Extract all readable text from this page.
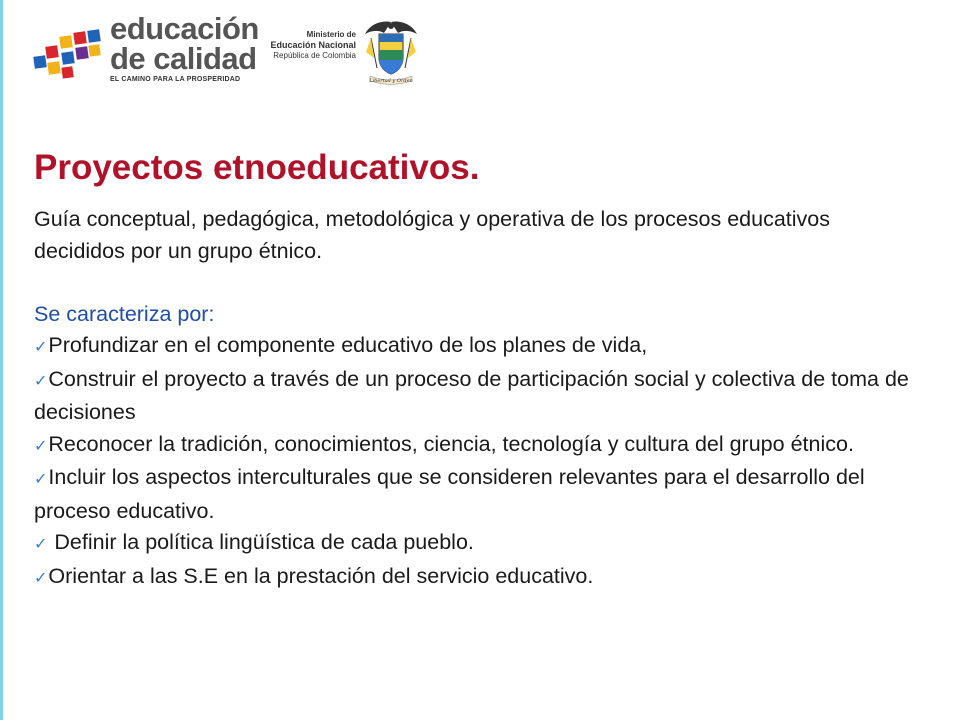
educación
de calidad
EL CAMINO PARA LA PROSPERIDAD
Ministerio de
Educación Nacional
República de Colombia
Libertad y Orden
Proyectos etnoeducativos.

Guía conceptual, pedagógica, metodológica y operativa de los procesos educativos decididos por un grupo étnico.

Se caracteriza por:

✓Profundizar en el componente educativo de los planes de vida,

✓Construir el proyecto a través de un proceso de participación social y colectiva de toma de decisiones

✓Reconocer la tradición, conocimientos, ciencia, tecnología y cultura del grupo étnico.

✓Incluir los aspectos interculturales que se consideren relevantes para el desarrollo del proceso educativo.

✓ Definir la política lingüística de cada pueblo.

✓Orientar a las S.E en la prestación del servicio educativo.
